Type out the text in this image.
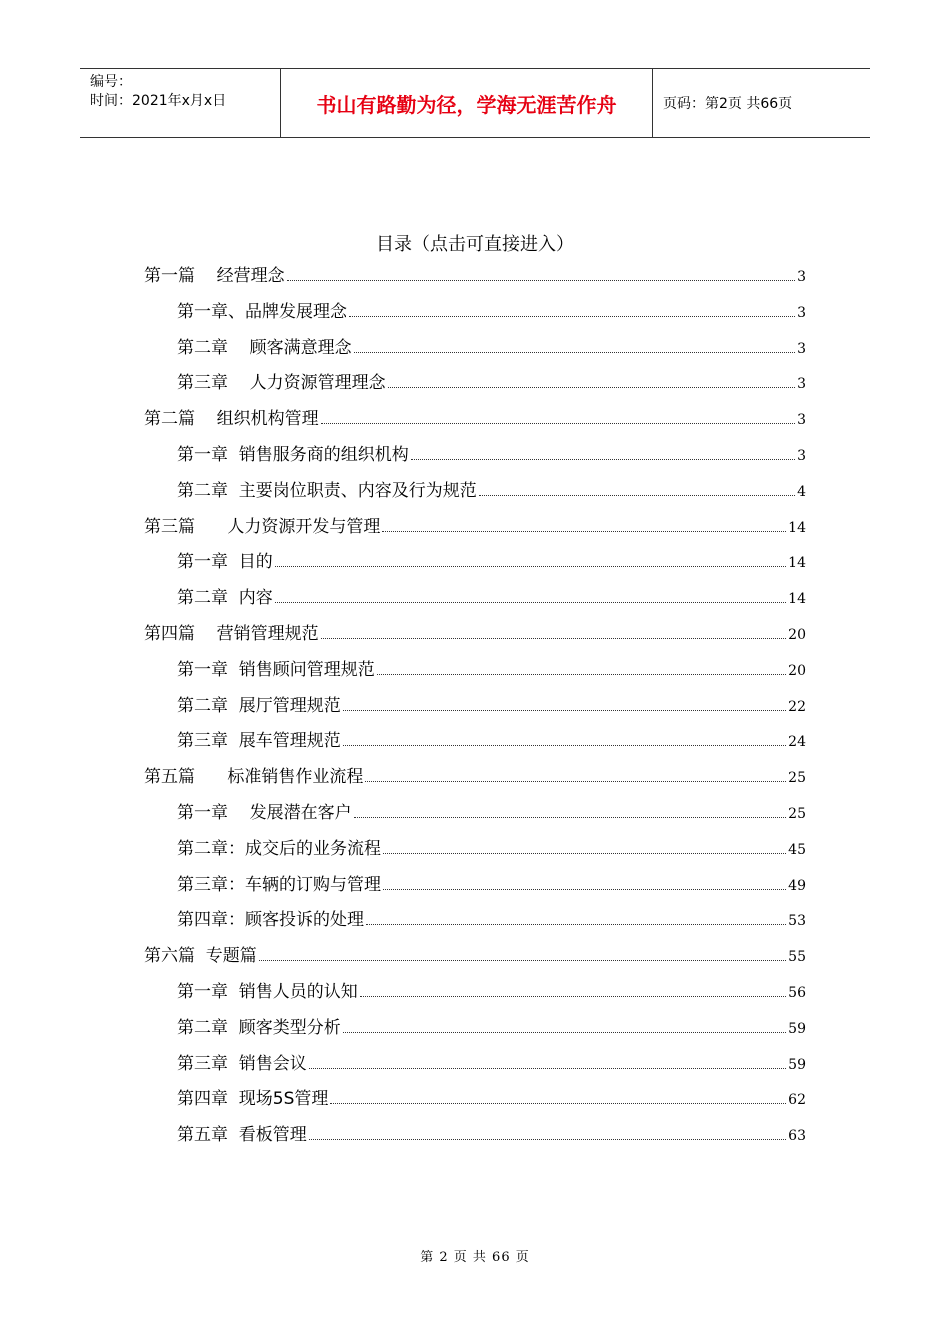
编号：
时间：2021年x月x日	书山有路勤为径，学海无涯苦作舟	页码：第2页 共66页
目录（点击可直接进入）
第一篇    经营理念	3
第一章、品牌发展理念	3
第二章    顾客满意理念	3
第三章    人力资源管理理念	3
第二篇    组织机构管理	3
第一章  销售服务商的组织机构	3
第二章  主要岗位职责、内容及行为规范	4
第三篇      人力资源开发与管理	14
第一章  目的	14
第二章  内容	14
第四篇    营销管理规范	20
第一章  销售顾问管理规范	20
第二章  展厅管理规范	22
第三章  展车管理规范	24
第五篇      标准销售作业流程	25
第一章    发展潜在客户	25
第二章：成交后的业务流程	45
第三章：车辆的订购与管理	49
第四章：顾客投诉的处理	53
第六篇  专题篇	55
第一章  销售人员的认知	56
第二章  顾客类型分析	59
第三章  销售会议	59
第四章  现场5S管理	62
第五章  看板管理	63
第 2 页 共 66 页
